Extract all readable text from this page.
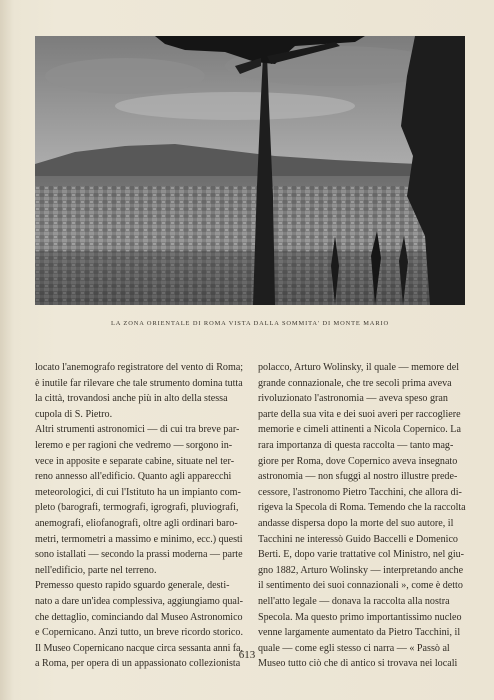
LA ZONA ORIENTALE DI ROMA VISTA DALLA SOMMITA' DI MONTE MARIO
locato l'anemografo registratore del vento di Roma;
è inutile far rilevare che tale strumento domina tutta
la città, trovandosi anche più in alto della stessa
cupola di S. Pietro.
Altri strumenti astronomici — di cui tra breve par-
leremo e per ragioni che vedremo — sorgono in-
vece in apposite e separate cabine, situate nel ter-
reno annesso all'edificio. Quanto agli apparecchi
meteorologici, di cui l'Istituto ha un impianto com-
pleto (barografi, termografi, igrografi, pluviografi,
anemografi, eliofanografi, oltre agli ordinari baro-
metri, termometri a massimo e minimo, ecc.) questi
sono istallati — secondo la prassi moderna — parte
nell'edificio, parte nel terreno.
Premesso questo rapido sguardo generale, desti-
nato a dare un'idea complessiva, aggiungiamo qual-
che dettaglio, cominciando dal Museo Astronomico
e Copernicano. Anzi tutto, un breve ricordo storico.
Il Museo Copernicano nacque circa sessanta anni fa,
a Roma, per opera di un appassionato collezionista
polacco, Arturo Wolinsky, il quale — memore del
grande connazionale, che tre secoli prima aveva
rivoluzionato l'astronomia — aveva speso gran
parte della sua vita e dei suoi averi per raccogliere
memorie e cimeli attinenti a Nicola Copernico. La
rara importanza di questa raccolta — tanto mag-
giore per Roma, dove Copernico aveva insegnato
astronomia — non sfuggì al nostro illustre prede-
cessore, l'astronomo Pietro Tacchini, che allora di-
rigeva la Specola di Roma. Temendo che la raccolta
andasse dispersa dopo la morte del suo autore, il
Tacchini ne interessò Guido Baccelli e Domenico
Berti. E, dopo varie trattative col Ministro, nel giu-
gno 1882, Arturo Wolinsky — interpretando anche
il sentimento dei suoi connazionali », come è detto
nell'atto legale — donava la raccolta alla nostra
Specola. Ma questo primo importantissimo nucleo
venne largamente aumentato da Pietro Tacchini, il
quale — come egli stesso ci narra — « Passò al
Museo tutto ciò che di antico si trovava nei locali
613
